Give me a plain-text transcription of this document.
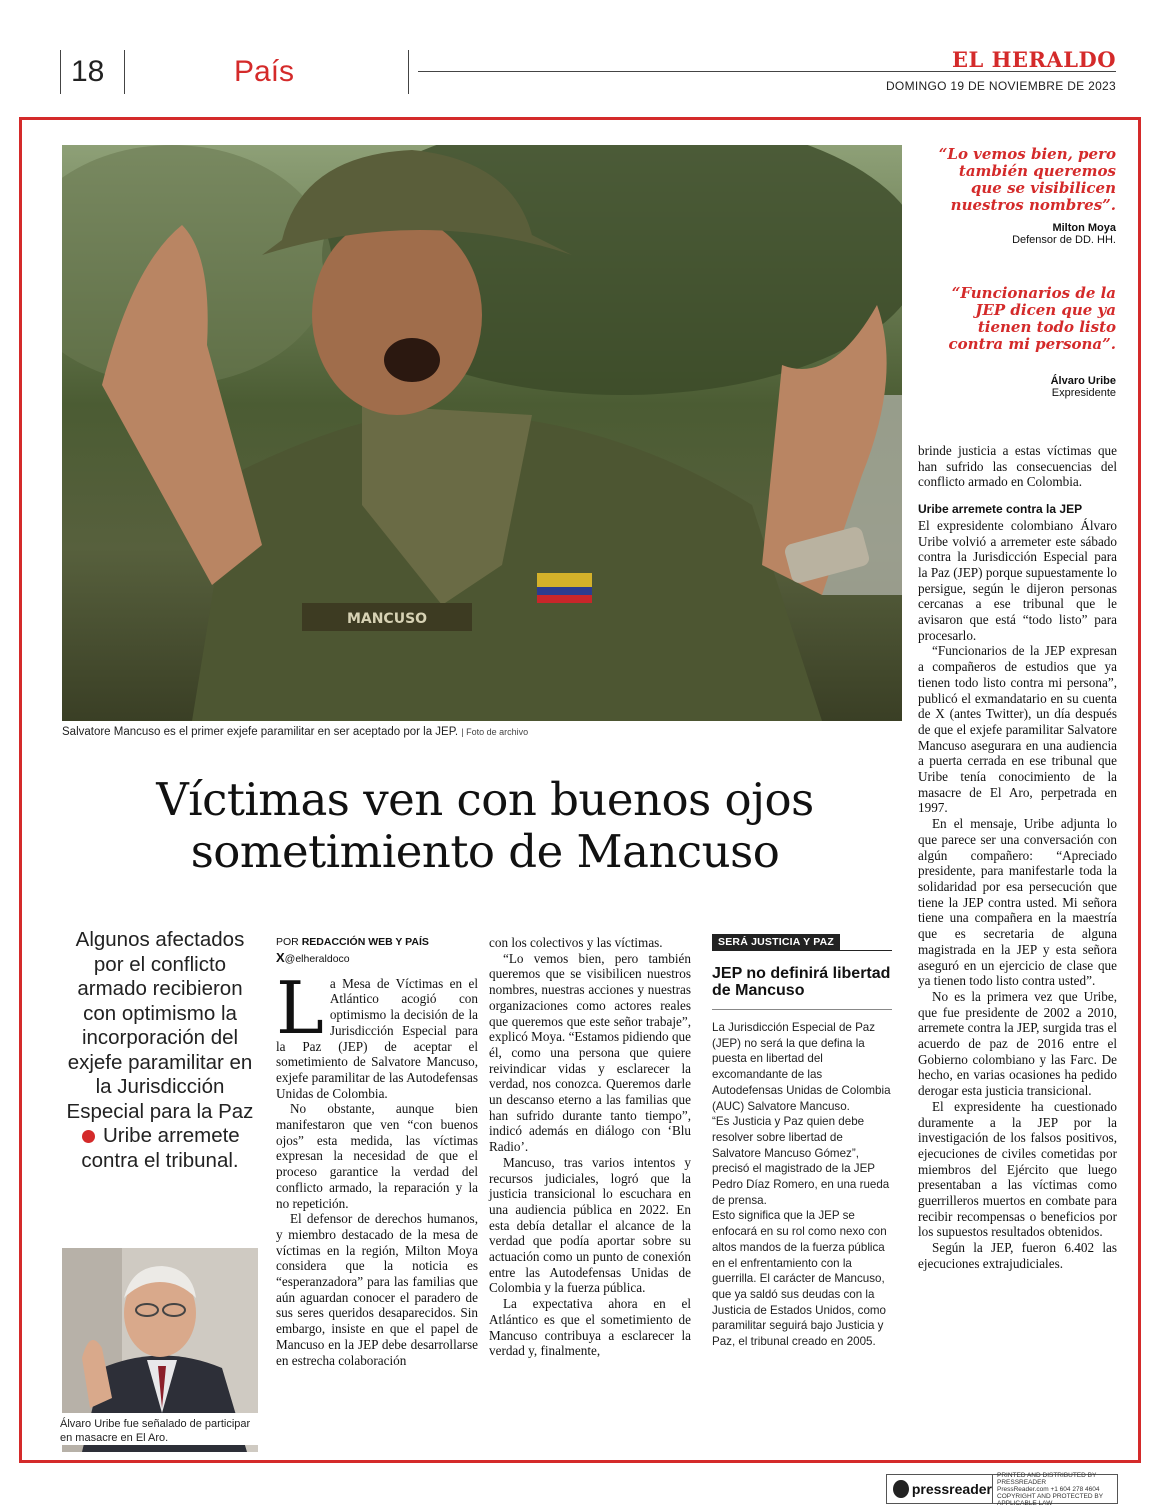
18	País	EL HERALDO
DOMINGO 19 DE NOVIEMBRE DE 2023
MANCUSO
Salvatore Mancuso es el primer exjefe paramilitar en ser aceptado por la JEP. | Foto de archivo
“Lo vemos bien, pero también queremos que se visibilicen nuestros nombres”.
Milton Moya
Defensor de DD. HH.
“Funcionarios de la JEP dicen que ya tienen todo listo contra mi persona”.
Álvaro Uribe
Expresidente
Víctimas ven con buenos ojos sometimiento de Mancuso
Algunos afectados por el conflicto armado recibieron con optimismo la incorporación del exjefe paramilitar en la Jurisdicción Especial para la Paz  Uribe arremete contra el tribunal.
Álvaro Uribe fue señalado de participar en masacre en El Aro.
POR REDACCIÓN WEB Y PAÍS
X@elheraldoco
L a Mesa de Víctimas en el Atlántico acogió con optimismo la decisión de la Jurisdicción Especial para la Paz (JEP) de aceptar el sometimiento de Salvatore Mancuso, exjefe paramilitar de las Autodefensas Unidas de Colombia.

No obstante, aunque bien manifestaron que ven “con buenos ojos” esta medida, las víctimas expresan la necesidad de que el proceso garantice la verdad del conflicto armado, la reparación y la no repetición.

El defensor de derechos humanos, y miembro destacado de la mesa de víctimas en la región, Milton Moya considera que la noticia es “esperanzadora” para las familias que aún aguardan conocer el paradero de sus seres queridos desaparecidos. Sin embargo, insiste en que el papel de Mancuso en la JEP debe desarrollarse en estrecha colaboración

con los colectivos y las víctimas.

“Lo vemos bien, pero también queremos que se visibilicen nuestros nombres, nuestras acciones y nuestras organizaciones como actores reales que queremos que este señor trabaje”, explicó Moya. “Estamos pidiendo que él, como una persona que quiere reivindicar vidas y esclarecer la verdad, nos conozca. Queremos darle un descanso eterno a las familias que han sufrido durante tanto tiempo”, indicó además en diálogo con ‘Blu Radio’.

Mancuso, tras varios intentos y recursos judiciales, logró que la justicia transicional lo escuchara en una audiencia pública en 2022. En esta debía detallar el alcance de la verdad que podía aportar sobre su actuación como un punto de conexión entre las Autodefensas Unidas de Colombia y la fuerza pública.

La expectativa ahora en el Atlántico es que el sometimiento de Mancuso contribuya a esclarecer la verdad y, finalmente,

SERÁ JUSTICIA Y PAZ
JEP no definirá libertad de Mancuso

La Jurisdicción Especial de Paz (JEP) no será la que defina la puesta en libertad del excomandante de las Autodefensas Unidas de Colombia (AUC) Salvatore Mancuso.

“Es Justicia y Paz quien debe resolver sobre libertad de Salvatore Mancuso Gómez”, precisó el magistrado de la JEP Pedro Díaz Romero, en una rueda de prensa.

Esto significa que la JEP se enfocará en su rol como nexo con altos mandos de la fuerza pública en el enfrentamiento con la guerrilla. El carácter de Mancuso, que ya saldó sus deudas con la Justicia de Estados Unidos, como paramilitar seguirá bajo Justicia y Paz, el tribunal creado en 2005.

brinde justicia a estas víctimas que han sufrido las consecuencias del conflicto armado en Colombia.

Uribe arremete contra la JEP

El expresidente colombiano Álvaro Uribe volvió a arremeter este sábado contra la Jurisdicción Especial para la Paz (JEP) porque supuestamente lo persigue, según le dijeron personas cercanas a ese tribunal que le avisaron que está “todo listo” para procesarlo.

“Funcionarios de la JEP expresan a compañeros de estudios que ya tienen todo listo contra mi persona”, publicó el exmandatario en su cuenta de X (antes Twitter), un día después de que el exjefe paramilitar Salvatore Mancuso asegurara en una audiencia a puerta cerrada en ese tribunal que Uribe tenía conocimiento de la masacre de El Aro, perpetrada en 1997.

En el mensaje, Uribe adjunta lo que parece ser una conversación con algún compañero: “Apreciado presidente, para manifestarle toda la solidaridad por esa persecución que tiene la JEP contra usted. Mi señora tiene una compañera en la maestría que es secretaria de alguna magistrada en la JEP y esta señora aseguró en un ejercicio de clase que ya tienen todo listo contra usted”.

No es la primera vez que Uribe, que fue presidente de 2002 a 2010, arremete contra la JEP, surgida tras el acuerdo de paz de 2016 entre el Gobierno colombiano y las Farc. De hecho, en varias ocasiones ha pedido derogar esta justicia transicional.

El expresidente ha cuestionado duramente a la JEP por la investigación de los falsos positivos, ejecuciones de civiles cometidas por miembros del Ejército que luego presentaban a las víctimas como guerrilleros muertos en combate para recibir recompensas o beneficios por los supuestos resultados obtenidos.

Según la JEP, fueron 6.402 las ejecuciones extrajudiciales.

pressreader
PRINTED AND DISTRIBUTED BY PRESSREADER
PressReader.com +1 604 278 4604
COPYRIGHT AND PROTECTED BY APPLICABLE LAW
